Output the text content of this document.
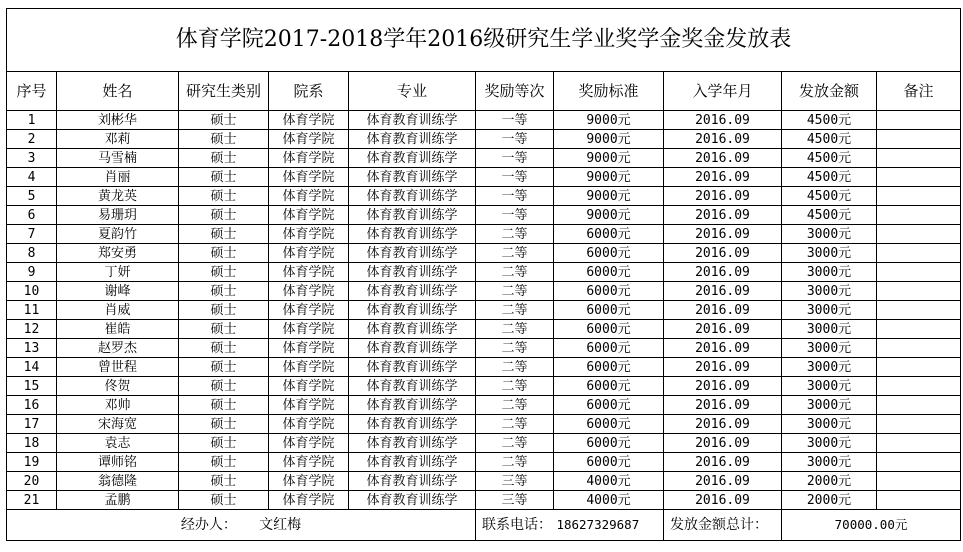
体育学院2017-2018学年2016级研究生学业奖学金奖金发放表									
序号	姓名	研究生类别	院系	专业	奖励等次	奖励标准	入学年月	发放金额	备注
1	刘彬华	硕士	体育学院	体育教育训练学	一等	9000元	2016.09	4500元	
2	邓莉	硕士	体育学院	体育教育训练学	一等	9000元	2016.09	4500元	
3	马雪楠	硕士	体育学院	体育教育训练学	一等	9000元	2016.09	4500元	
4	肖丽	硕士	体育学院	体育教育训练学	一等	9000元	2016.09	4500元	
5	黄龙英	硕士	体育学院	体育教育训练学	一等	9000元	2016.09	4500元	
6	易珊玥	硕士	体育学院	体育教育训练学	一等	9000元	2016.09	4500元	
7	夏韵竹	硕士	体育学院	体育教育训练学	二等	6000元	2016.09	3000元	
8	郑安勇	硕士	体育学院	体育教育训练学	二等	6000元	2016.09	3000元	
9	丁妍	硕士	体育学院	体育教育训练学	二等	6000元	2016.09	3000元	
10	谢峰	硕士	体育学院	体育教育训练学	二等	6000元	2016.09	3000元	
11	肖威	硕士	体育学院	体育教育训练学	二等	6000元	2016.09	3000元	
12	崔皓	硕士	体育学院	体育教育训练学	二等	6000元	2016.09	3000元	
13	赵罗杰	硕士	体育学院	体育教育训练学	二等	6000元	2016.09	3000元	
14	曾世程	硕士	体育学院	体育教育训练学	二等	6000元	2016.09	3000元	
15	佟贺	硕士	体育学院	体育教育训练学	二等	6000元	2016.09	3000元	
16	邓帅	硕士	体育学院	体育教育训练学	二等	6000元	2016.09	3000元	
17	宋海宽	硕士	体育学院	体育教育训练学	二等	6000元	2016.09	3000元	
18	袁志	硕士	体育学院	体育教育训练学	二等	6000元	2016.09	3000元	
19	谭师铭	硕士	体育学院	体育教育训练学	二等	6000元	2016.09	3000元	
20	翁德隆	硕士	体育学院	体育教育训练学	三等	4000元	2016.09	2000元	
21	孟鹏	硕士	体育学院	体育教育训练学	三等	4000元	2016.09	2000元	
经办人： 文红梅					联系电话： 18627329687		发放金额总计：	70000.00元	
